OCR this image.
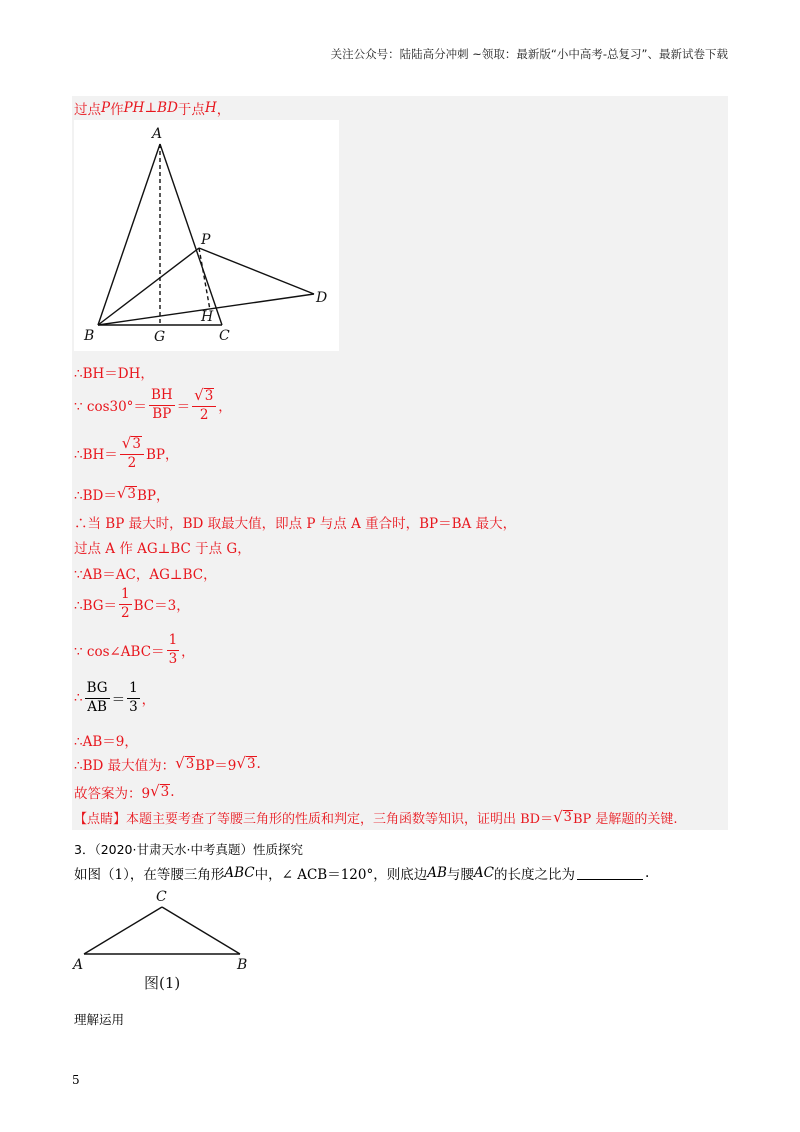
关注公众号：陆陆高分冲刺 ~领取：最新版“小中高考-总复习”、最新试卷下载
过点 P 作 PH ⊥ BD 于点 H ，
A
P
D
B	G
H
C
∴BH＝DH，
∵ $\cos 30^\circ= \frac{BH}{BP} = \frac{√ 3}{2}$ ，
∴BH＝ $\frac{√ 3}{2}$ BP，
∴BD＝ √ 3 BP，
∴当 BP 最大时，BD 取最大值，即点 P 与点 A 重合时，BP＝BA 最大，
过点 A 作 AG⊥BC 于点 G，
∵AB＝AC，AG⊥BC，
∴BG＝ $\frac{1}{2} BC=3$，
∵ cos∠ABC＝ $\frac{1}{3}$ ，
∴ $\frac{BG}{AB} = \frac{1}{3}$ ，
∴AB＝9，
∴BD 最大值为： √ 3 BP＝9 √ 3 .
故答案为：9 √ 3 .
【点睛】本题主要考查了等腰三角形的性质和判定，三角函数等知识，证明出 BD＝ √ 3 BP 是解题的关键.
3．（2020·甘肃天水·中考真题）性质探究
如图（1），在等腰三角形 ABC 中，∠ ACB＝120°，则底边 AB 与腰 AC 的长度之比为	.
C
A	B
图(1)
理解运用
5
